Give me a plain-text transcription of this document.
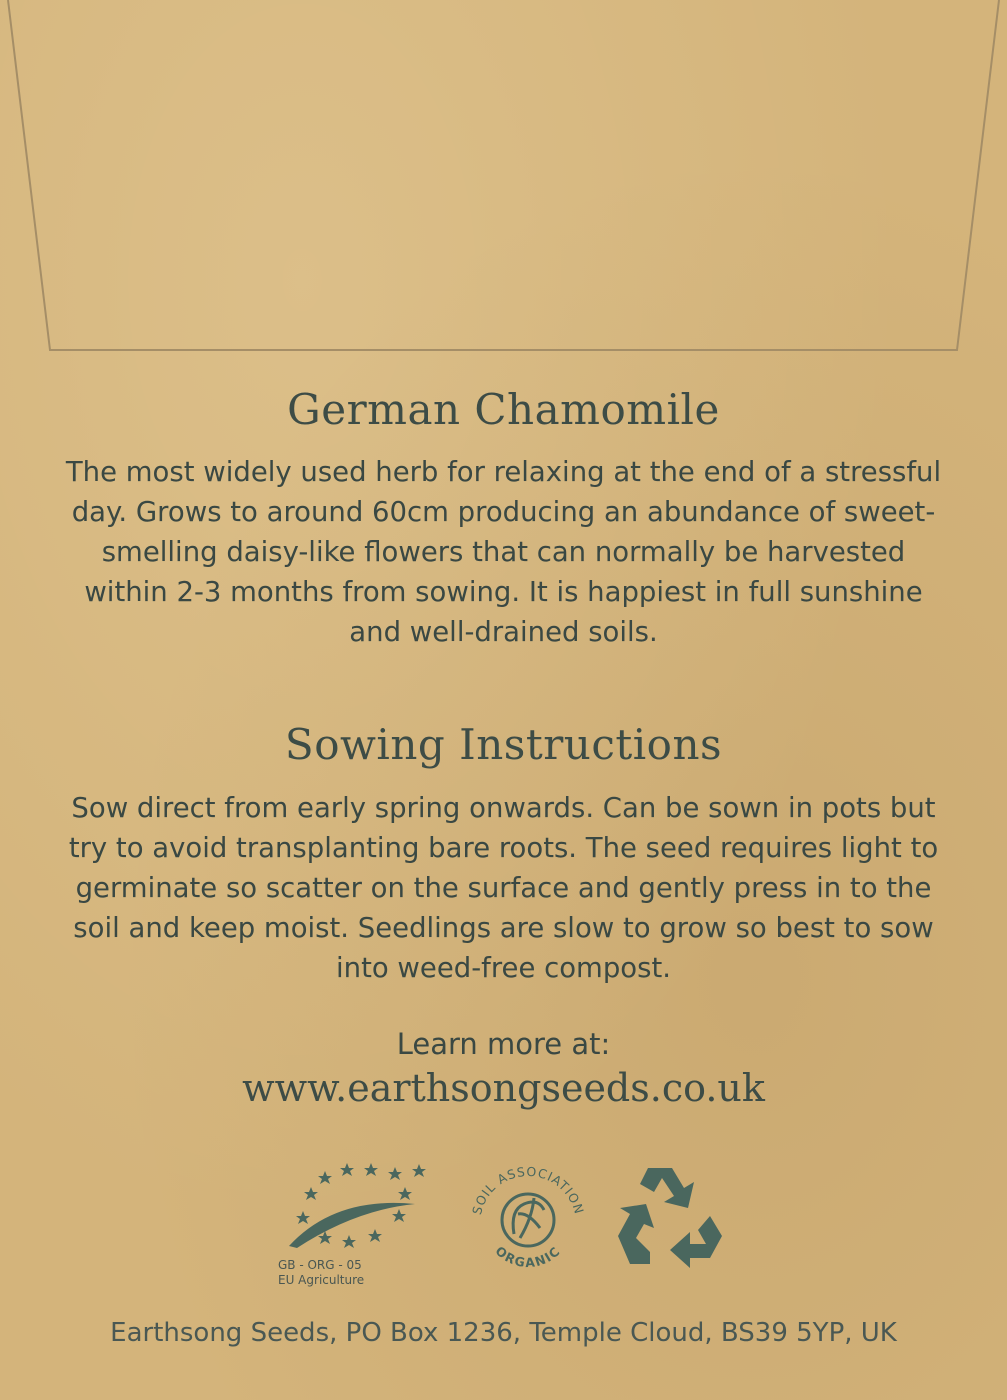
German Chamomile
The most widely used herb for relaxing at the end of a stressful day. Grows to around 60cm producing an abundance of sweet-smelling daisy-like flowers that can normally be harvested within 2-3 months from sowing. It is happiest in full sunshine and well-drained soils.
Sowing Instructions
Sow direct from early spring onwards. Can be sown in pots but try to avoid transplanting bare roots. The seed requires light to germinate so scatter on the surface and gently press in to the soil and keep moist. Seedlings are slow to grow so best to sow into weed-free compost.
Learn more at:
www.earthsongseeds.co.uk
GB - ORG - 05
EU Agriculture
SOIL ASSOCIATION
ORGANIC
Earthsong Seeds, PO Box 1236, Temple Cloud, BS39 5YP, UK
